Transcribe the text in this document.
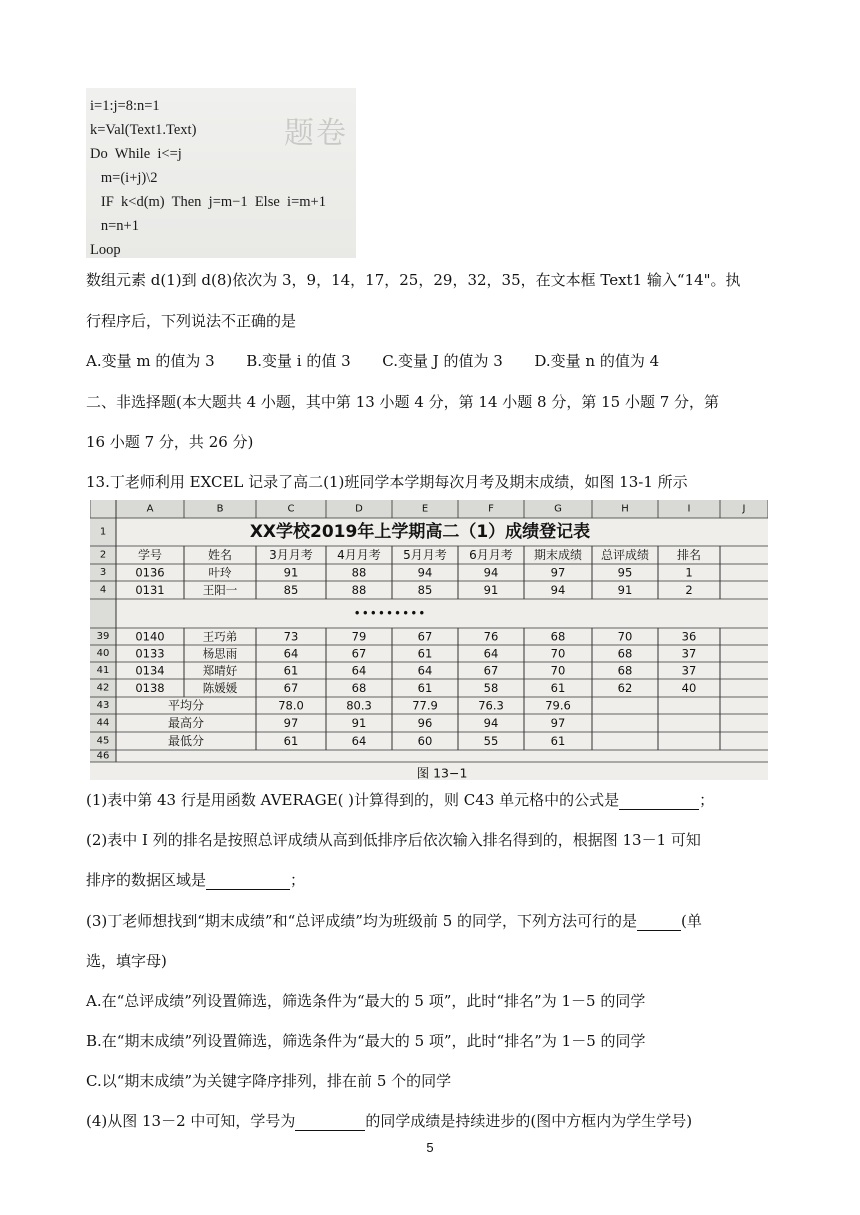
题卷
i=1:j=8:n=1
k=Val(Text1.Text)
Do  While  i<=j
m=(i+j)\2
IF  k<d(m)  Then  j=m−1  Else  i=m+1
n=n+1
Loop
数组元素 d(1)到 d(8)依次为 3，9，14，17，25，29，32，35，在文本框 Text1 输入“14"。执
行程序后，下列说法不正确的是
A.变量 m 的值为 3 B.变量 i 的值 3 C.变量 J 的值为 3 D.变量 n 的值为 4
二、非选择题(本大题共 4 小题，其中第 13 小题 4 分，第 14 小题 8 分，第 15 小题 7 分，第
16 小题 7 分，共 26 分)
13.丁老师利用 EXCEL 记录了高二(1)班同学本学期每次月考及期末成绩，如图 13-1 所示
A	B	C	D	E	F	G	H	I	J
XX学校2019年上学期高二（1）成绩登记表
1
2	学号	姓名	3月月考 4月月考 5月月考 6月月考 期末成绩 总评成绩 排名
3	0136	叶玲	91	88	94	94	97	95	1
4	0131	王阳一	85	88	85	91	94	91	2
•••••••••
39 0140	王巧弟	73	79	67	76	68	70	36
40 0133	杨思雨	64	67	61	64	70	68	37
41 0134	郑晴好	61	64	64	67	70	68	37
42 0138	陈媛媛	67	68	61	58	61	62	40
43	平均分	78.0	80.3	77.9	76.3	79.6
44	最高分	97	91	96	94	97
45	最低分	61	64	60	55	61
46
图 13−1
(1)表中第 43 行是用函数 AVERAGE( )计算得到的，则 C43 单元格中的公式是	；
(2)表中 I 列的排名是按照总评成绩从高到低排序后依次输入排名得到的，根据图 13－1 可知
排序的数据区域是	；
(3)丁老师想找到“期末成绩”和“总评成绩”均为班级前 5 的同学，下列方法可行的是	(单
选，填字母)
A.在“总评成绩”列设置筛选，筛选条件为“最大的 5 项”，此时“排名”为 1－5 的同学
B.在“期末成绩”列设置筛选，筛选条件为“最大的 5 项”，此时“排名”为 1－5 的同学
C.以“期末成绩”为关键字降序排列，排在前 5 个的同学
(4)从图 13－2 中可知，学号为	的同学成绩是持续进步的(图中方框内为学生学号)
5
